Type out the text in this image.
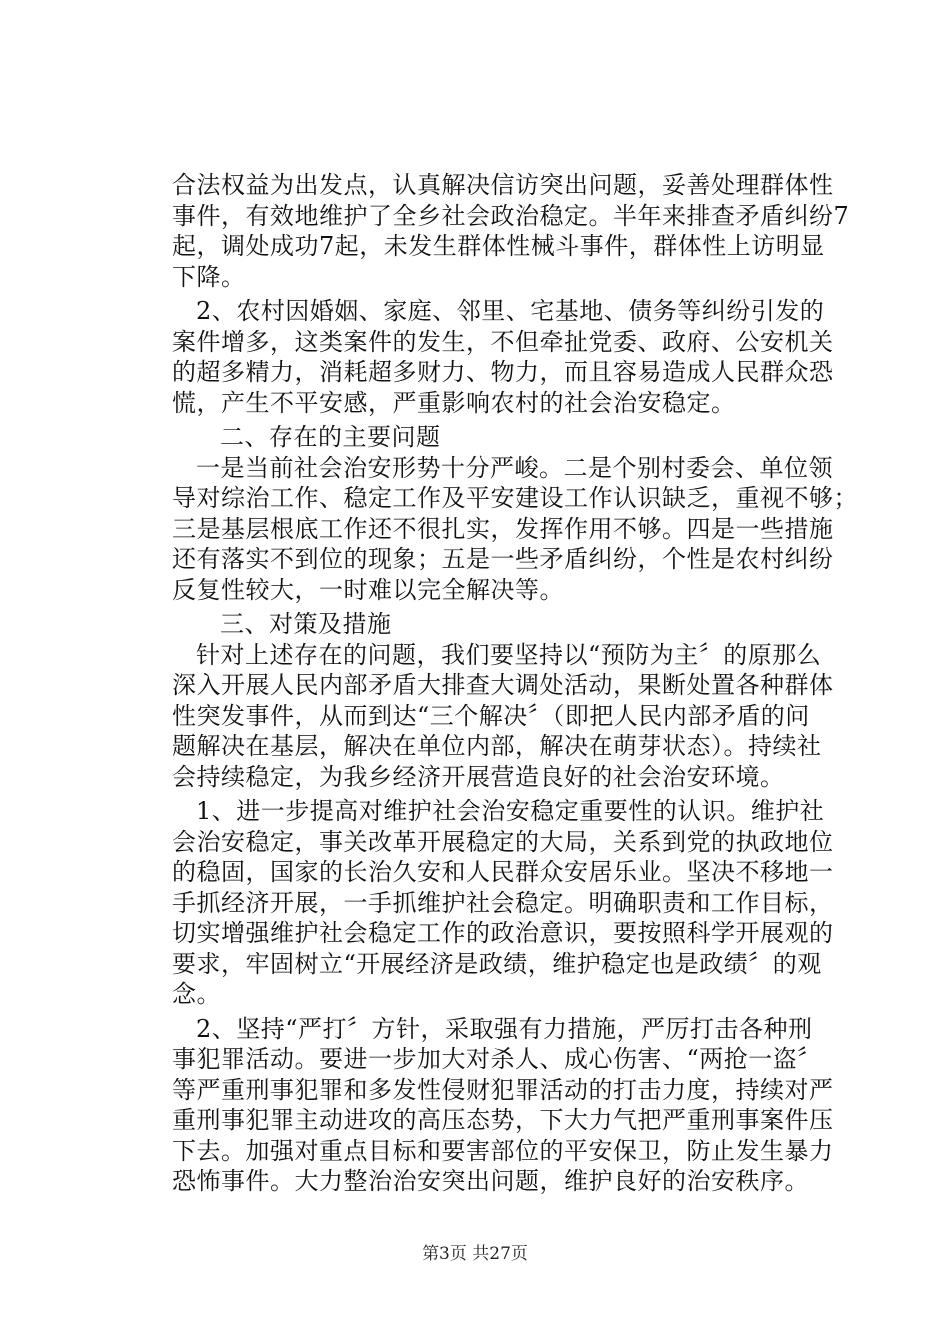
合法权益为出发点，认真解决信访突出问题，妥善处理群体性
事件，有效地维护了全乡社会政治稳定。半年来排查矛盾纠纷7
起，调处成功7起，未发生群体性械斗事件，群体性上访明显
下降。
2、农村因婚姻、家庭、邻里、宅基地、债务等纠纷引发的
案件增多，这类案件的发生，不但牵扯党委、政府、公安机关
的超多精力，消耗超多财力、物力，而且容易造成人民群众恐
慌，产生不平安感，严重影响农村的社会治安稳定。
二、存在的主要问题
一是当前社会治安形势十分严峻。二是个别村委会、单位领
导对综治工作、稳定工作及平安建设工作认识缺乏，重视不够；
三是基层根底工作还不很扎实，发挥作用不够。四是一些措施
还有落实不到位的现象；五是一些矛盾纠纷，个性是农村纠纷
反复性较大，一时难以完全解决等。
三、对策及措施
针对上述存在的问题，我们要坚持以“预防为主〞的原那么
深入开展人民内部矛盾大排查大调处活动，果断处置各种群体
性突发事件，从而到达“三个解决〞（即把人民内部矛盾的问
题解决在基层，解决在单位内部，解决在萌芽状态）。持续社
会持续稳定，为我乡经济开展营造良好的社会治安环境。
1、进一步提高对维护社会治安稳定重要性的认识。维护社
会治安稳定，事关改革开展稳定的大局，关系到党的执政地位
的稳固，国家的长治久安和人民群众安居乐业。坚决不移地一
手抓经济开展，一手抓维护社会稳定。明确职责和工作目标，
切实增强维护社会稳定工作的政治意识，要按照科学开展观的
要求，牢固树立“开展经济是政绩，维护稳定也是政绩〞的观
念。
2、坚持“严打〞方针，采取强有力措施，严厉打击各种刑
事犯罪活动。要进一步加大对杀人、成心伤害、“两抢一盗〞
等严重刑事犯罪和多发性侵财犯罪活动的打击力度，持续对严
重刑事犯罪主动进攻的高压态势，下大力气把严重刑事案件压
下去。加强对重点目标和要害部位的平安保卫，防止发生暴力
恐怖事件。大力整治治安突出问题，维护良好的治安秩序。
第3页 共27页
